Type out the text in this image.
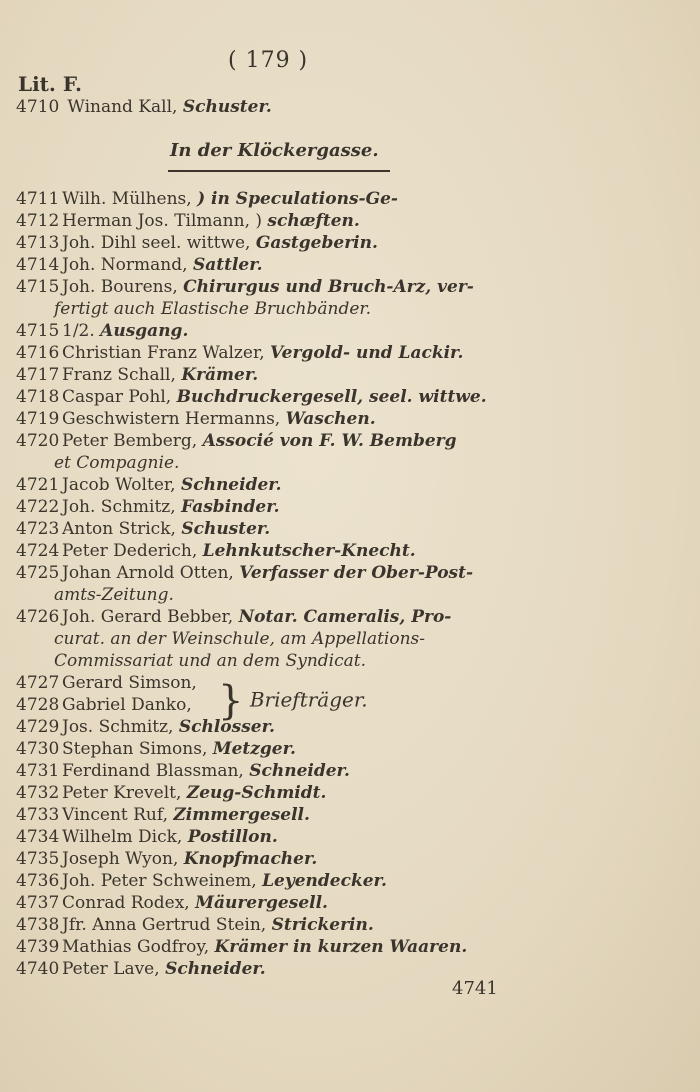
( 179 )
Lit. F.
4710 Winand Kall, Schuster.
In der Klöckergasse.
4711 Wilh. Mülhens, ) in Speculations-Ge-
4712 Herman Jos. Tilmann, ) schæften.
4713 Joh. Dihl seel. wittwe, Gastgeberin.
4714 Joh. Normand, Sattler.
4715 Joh. Bourens, Chirurgus und Bruch-Arz, ver-
fertigt auch Elastische Bruchbänder.
4715 1/2. Ausgang.
4716 Christian Franz Walzer, Vergold- und Lackir.
4717 Franz Schall, Krämer.
4718 Caspar Pohl, Buchdruckergesell, seel. wittwe.
4719 Geschwistern Hermanns, Waschen.
4720 Peter Bemberg, Associé von F. W. Bemberg
et Compagnie.
4721 Jacob Wolter, Schneider.
4722 Joh. Schmitz, Fasbinder.
4723 Anton Strick, Schuster.
4724 Peter Dederich, Lehnkutscher-Knecht.
4725 Johan Arnold Otten, Verfasser der Ober-Post-
amts-Zeitung.
4726 Joh. Gerard Bebber, Notar. Cameralis, Pro-
curat. an der Weinschule, am Appellations-
Commissariat und an dem Syndicat.
4727 Gerard Simson,
4728 Gabriel Danko,
4729 Jos. Schmitz, Schlosser.
4730 Stephan Simons, Metzger.
4731 Ferdinand Blassman, Schneider.
4732 Peter Krevelt, Zeug-Schmidt.
4733 Vincent Ruf, Zimmergesell.
4734 Wilhelm Dick, Postillon.
4735 Joseph Wyon, Knopfmacher.
4736 Joh. Peter Schweinem, Leyendecker.
4737 Conrad Rodex, Mäurergesell.
4738 Jfr. Anna Gertrud Stein, Strickerin.
4739 Mathias Godfroy, Krämer in kurzen Waaren.
4740 Peter Lave, Schneider.
} Briefträger.
4741
